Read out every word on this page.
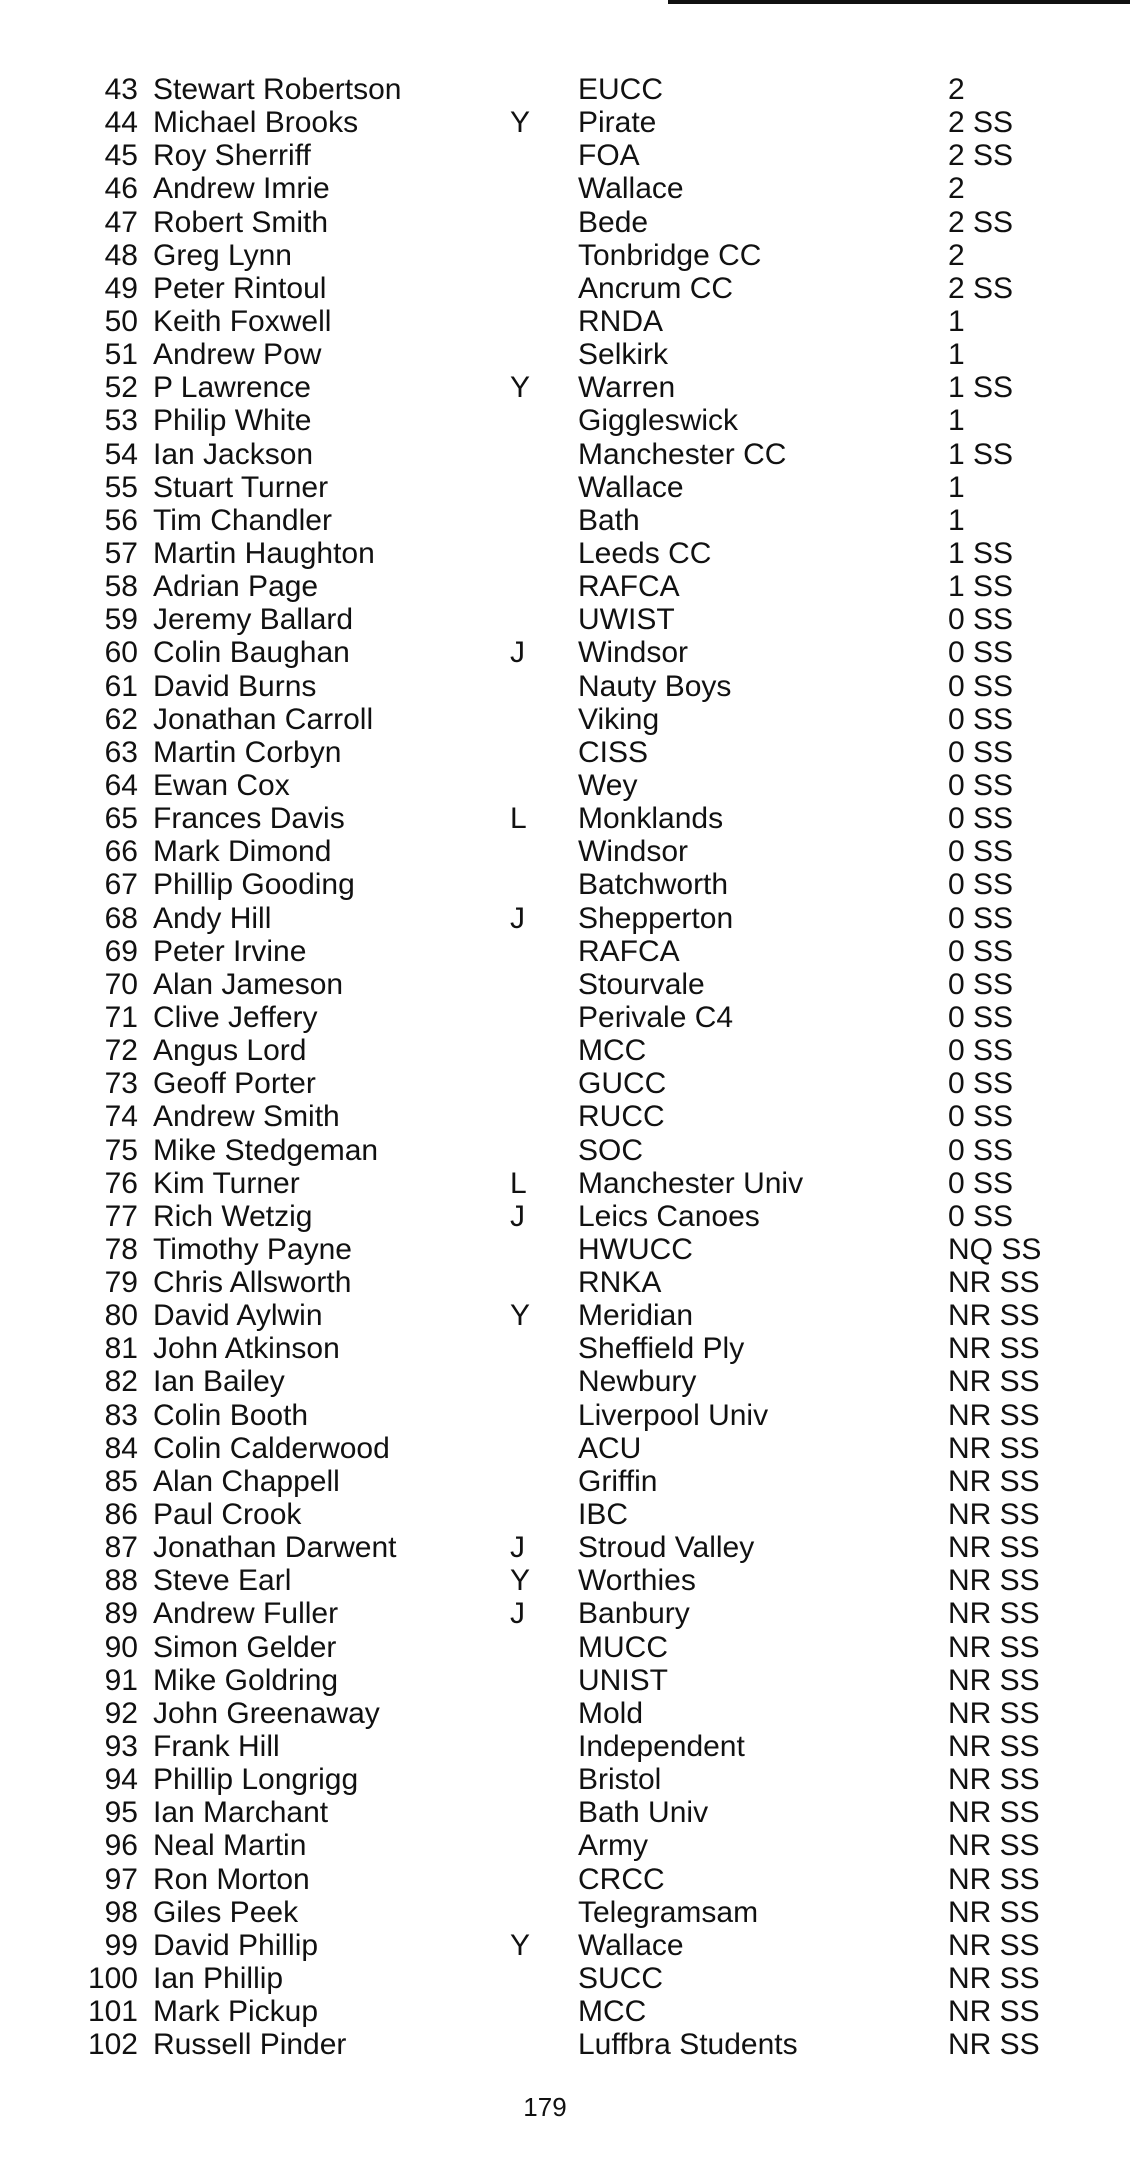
43 Stewart Robertson	EUCC	2
44 Michael Brooks	Y Pirate	2 SS
45 Roy Sherriff	FOA	2 SS
46 Andrew Imrie	Wallace	2
47 Robert Smith	Bede	2 SS
48 Greg Lynn	Tonbridge CC	2
49 Peter Rintoul	Ancrum CC	2 SS
50 Keith Foxwell	RNDA	1
51 Andrew Pow	Selkirk	1
52 P Lawrence	Y Warren	1 SS
53 Philip White	Giggleswick	1
54 Ian Jackson	Manchester CC	1 SS
55 Stuart Turner	Wallace	1
56 Tim Chandler	Bath	1
57 Martin Haughton	Leeds CC	1 SS
58 Adrian Page	RAFCA	1 SS
59 Jeremy Ballard	UWIST	0 SS
60 Colin Baughan	J Windsor	0 SS
61 David Burns	Nauty Boys	0 SS
62 Jonathan Carroll	Viking	0 SS
63 Martin Corbyn	CISS	0 SS
64 Ewan Cox	Wey	0 SS
65 Frances Davis	L Monklands	0 SS
66 Mark Dimond	Windsor	0 SS
67 Phillip Gooding	Batchworth	0 SS
68 Andy Hill	J Shepperton	0 SS
69 Peter Irvine	RAFCA	0 SS
70 Alan Jameson	Stourvale	0 SS
71 Clive Jeffery	Perivale C4	0 SS
72 Angus Lord	MCC	0 SS
73 Geoff Porter	GUCC	0 SS
74 Andrew Smith	RUCC	0 SS
75 Mike Stedgeman	SOC	0 SS
76 Kim Turner	L Manchester Univ	0 SS
77 Rich Wetzig	J Leics Canoes	0 SS
78 Timothy Payne	HWUCC	NQ SS
79 Chris Allsworth	RNKA	NR SS
80 David Aylwin	Y Meridian	NR SS
81 John Atkinson	Sheffield Ply	NR SS
82 Ian Bailey	Newbury	NR SS
83 Colin Booth	Liverpool Univ	NR SS
84 Colin Calderwood	ACU	NR SS
85 Alan Chappell	Griffin	NR SS
86 Paul Crook	IBC	NR SS
87 Jonathan Darwent	J Stroud Valley	NR SS
88 Steve Earl	Y Worthies	NR SS
89 Andrew Fuller	J Banbury	NR SS
90 Simon Gelder	MUCC	NR SS
91 Mike Goldring	UNIST	NR SS
92 John Greenaway	Mold	NR SS
93 Frank Hill	Independent	NR SS
94 Phillip Longrigg	Bristol	NR SS
95 Ian Marchant	Bath Univ	NR SS
96 Neal Martin	Army	NR SS
97 Ron Morton	CRCC	NR SS
98 Giles Peek	Telegramsam	NR SS
99 David Phillip	Y Wallace	NR SS
100 Ian Phillip	SUCC	NR SS
101 Mark Pickup	MCC	NR SS
102 Russell Pinder	Luffbra Students	NR SS
179
